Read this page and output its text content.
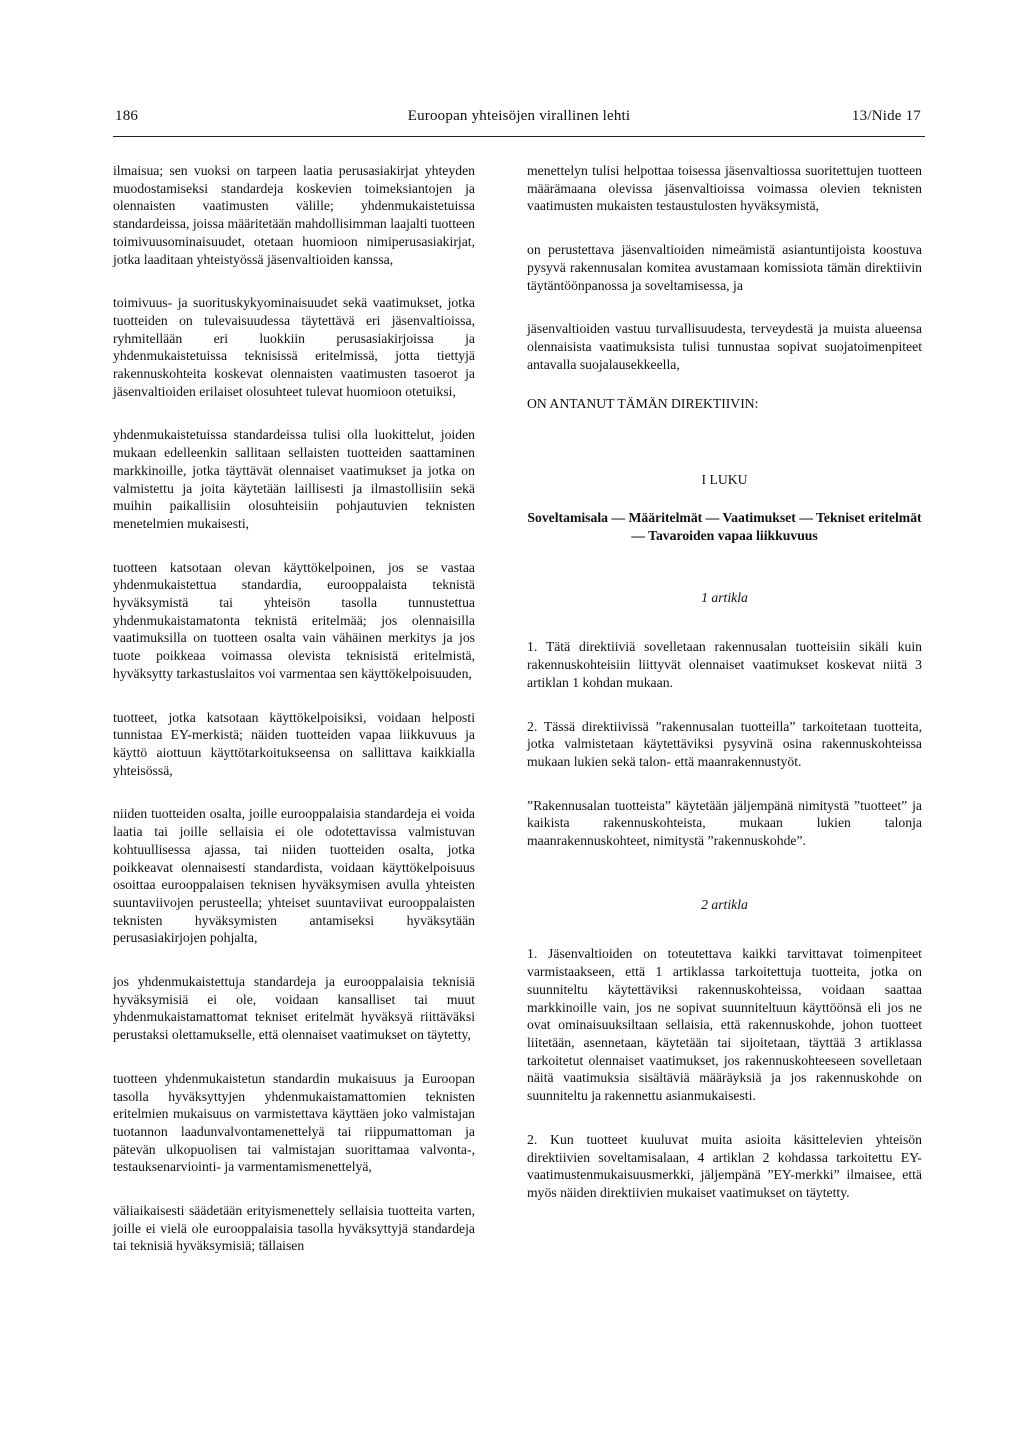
186	Euroopan yhteisöjen virallinen lehti	13/Nide 17

ilmaisua; sen vuoksi on tarpeen laatia perusasiakirjat yhteyden muodostamiseksi standardeja koskevien toimeksiantojen ja olennaisten vaatimusten välille; yhdenmukaistetuissa standardeissa, joissa määritetään mahdollisimman laajalti tuotteen toimivuusominaisuudet, otetaan huomioon nimiperusasiakirjat, jotka laaditaan yhteistyössä jäsenvaltioiden kanssa,

toimivuus- ja suorituskykyominaisuudet sekä vaatimukset, jotka tuotteiden on tulevaisuudessa täytettävä eri jäsenvaltioissa, ryhmitellään eri luokkiin perusasiakirjoissa ja yhdenmukaistetuissa teknisissä eritelmissä, jotta tiettyjä rakennuskohteita koskevat olennaisten vaatimusten tasoerot ja jäsenvaltioiden erilaiset olosuhteet tulevat huomioon otetuiksi,

yhdenmukaistetuissa standardeissa tulisi olla luokittelut, joiden mukaan edelleenkin sallitaan sellaisten tuotteiden saattaminen markkinoille, jotka täyttävät olennaiset vaatimukset ja jotka on valmistettu ja joita käytetään laillisesti ja ilmastollisiin sekä muihin paikallisiin olosuhteisiin pohjautuvien teknisten menetelmien mukaisesti,

tuotteen katsotaan olevan käyttökelpoinen, jos se vastaa yhdenmukaistettua standardia, eurooppalaista teknistä hyväksymistä tai yhteisön tasolla tunnustettua yhdenmukaistamatonta teknistä eritelmää; jos olennaisilla vaatimuksilla on tuotteen osalta vain vähäinen merkitys ja jos tuote poikkeaa voimassa olevista teknisistä eritelmistä, hyväksytty tarkastuslaitos voi varmentaa sen käyttökelpoisuuden,

tuotteet, jotka katsotaan käyttökelpoisiksi, voidaan helposti tunnistaa EY-merkistä; näiden tuotteiden vapaa liikkuvuus ja käyttö aiottuun käyttötarkoitukseensa on sallittava kaikkialla yhteisössä,

niiden tuotteiden osalta, joille eurooppalaisia standardeja ei voida laatia tai joille sellaisia ei ole odotettavissa valmistuvan kohtuullisessa ajassa, tai niiden tuotteiden osalta, jotka poikkeavat olennaisesti standardista, voidaan käyttökelpoisuus osoittaa eurooppalaisen teknisen hyväksymisen avulla yhteisten suuntaviivojen perusteella; yhteiset suuntaviivat eurooppalaisten teknisten hyväksymisten antamiseksi hyväksytään perusasiakirjojen pohjalta,

jos yhdenmukaistettuja standardeja ja eurooppalaisia teknisiä hyväksymisiä ei ole, voidaan kansalliset tai muut yhdenmukaistamattomat tekniset eritelmät hyväksyä riittäväksi perustaksi olettamukselle, että olennaiset vaatimukset on täytetty,

tuotteen yhdenmukaistetun standardin mukaisuus ja Euroopan tasolla hyväksyttyjen yhdenmukaistamattomien teknisten eritelmien mukaisuus on varmistettava käyttäen joko valmistajan tuotannon laadunvalvontamenettelyä tai riippumattoman ja pätevän ulkopuolisen tai valmistajan suorittamaa valvonta-, testauksenarviointi- ja varmentamismenettelyä,

väliaikaisesti säädetään erityismenettely sellaisia tuotteita varten, joille ei vielä ole eurooppalaisia tasolla hyväksyttyjä standardeja tai teknisiä hyväksymisiä; tällaisen

menettelyn tulisi helpottaa toisessa jäsenvaltiossa suoritettujen tuotteen määrämaana olevissa jäsenvaltioissa voimassa olevien teknisten vaatimusten mukaisten testaustulosten hyväksymistä,

on perustettava jäsenvaltioiden nimeämistä asiantuntijoista koostuva pysyvä rakennusalan komitea avustamaan komissiota tämän direktiivin täytäntöönpanossa ja soveltamisessa, ja

jäsenvaltioiden vastuu turvallisuudesta, terveydestä ja muista alueensa olennaisista vaatimuksista tulisi tunnustaa sopivat suojatoimenpiteet antavalla suojalausekkeella,

ON ANTANUT TÄMÄN DIREKTIIVIN:
I LUKU
Soveltamisala — Määritelmät — Vaatimukset — Tekniset eritelmät — Tavaroiden vapaa liikkuvuus
1 artikla

1. Tätä direktiiviä sovelletaan rakennusalan tuotteisiin sikäli kuin rakennuskohteisiin liittyvät olennaiset vaatimukset koskevat niitä 3 artiklan 1 kohdan mukaan.

2. Tässä direktiivissä ”rakennusalan tuotteilla” tarkoitetaan tuotteita, jotka valmistetaan käytettäviksi pysyvinä osina rakennuskohteissa mukaan lukien sekä talon- että maanrakennustyöt.

”Rakennusalan tuotteista” käytetään jäljempänä nimitystä ”tuotteet” ja kaikista rakennuskohteista, mukaan lukien talonja maanrakennuskohteet, nimitystä ”rakennuskohde”.

2 artikla

1. Jäsenvaltioiden on toteutettava kaikki tarvittavat toimenpiteet varmistaakseen, että 1 artiklassa tarkoitettuja tuotteita, jotka on suunniteltu käytettäviksi rakennuskohteissa, voidaan saattaa markkinoille vain, jos ne sopivat suunniteltuun käyttöönsä eli jos ne ovat ominaisuuksiltaan sellaisia, että rakennuskohde, johon tuotteet liitetään, asennetaan, käytetään tai sijoitetaan, täyttää 3 artiklassa tarkoitetut olennaiset vaatimukset, jos rakennuskohteeseen sovelletaan näitä vaatimuksia sisältäviä määräyksiä ja jos rakennuskohde on suunniteltu ja rakennettu asianmukaisesti.

2. Kun tuotteet kuuluvat muita asioita käsittelevien yhteisön direktiivien soveltamisalaan, 4 artiklan 2 kohdassa tarkoitettu EY-vaatimustenmukaisuusmerkki, jäljempänä ”EY-merkki” ilmaisee, että myös näiden direktiivien mukaiset vaatimukset on täytetty.
